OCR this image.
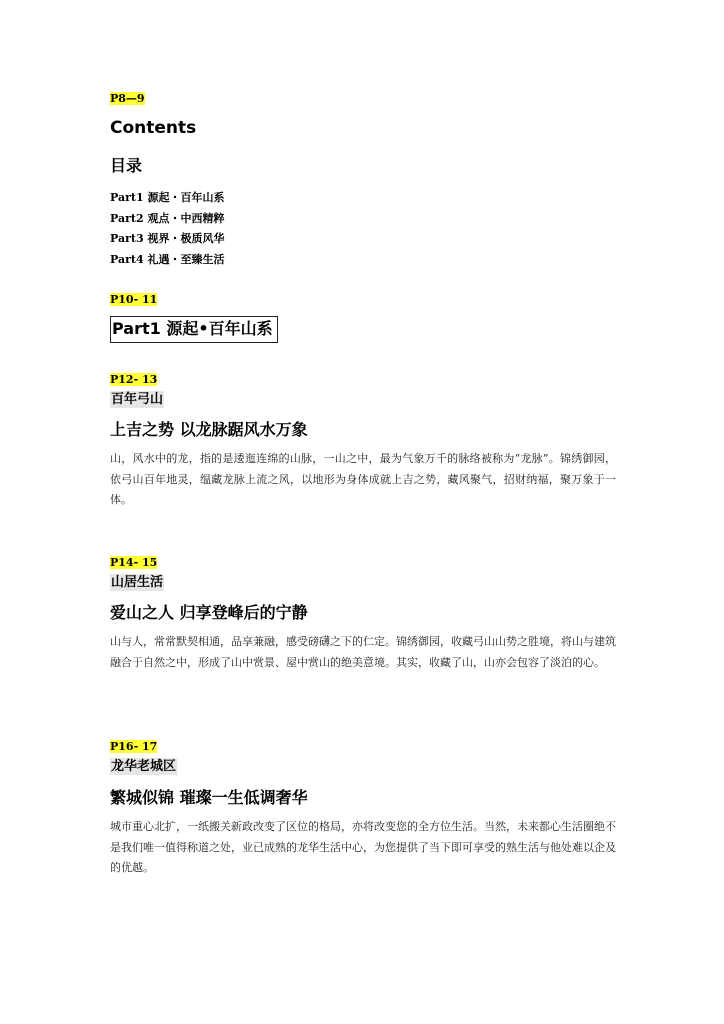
P8—9
Contents
目录
Part1 源起・百年山系
Part2 观点・中西精粹
Part3 视界・极质风华
Part4 礼遇・至臻生活
P10- 11
Part1 源起•百年山系
P12- 13
百年弓山
上吉之势 以龙脉踞风水万象
山，风水中的龙，指的是逶迤连绵的山脉，一山之中，最为气象万千的脉络被称为“龙脉”。锦绣御园，依弓山百年地灵，缊藏龙脉上流之风，以地形为身体成就上吉之势，藏风聚气，招财纳福，聚万象于一体。
P14- 15
山居生活
爱山之人 归享登峰后的宁静
山与人，常常默契相通，品享兼融，感受磅礴之下的仁定。锦绣御园，收藏弓山山势之胜境，将山与建筑融合于自然之中，形成了山中赏景、屋中赏山的绝美意境。其实，收藏了山，山亦会包容了淡泊的心。
P16- 17
龙华老城区
繁城似锦 璀璨一生低调奢华
城市重心北扩，一纸搬关新政改变了区位的格局，亦将改变您的全方位生活。当然，未来都心生活圈绝不是我们唯一值得称道之处，业已成熟的龙华生活中心，为您提供了当下即可享受的熟生活与他处难以企及的优越。
